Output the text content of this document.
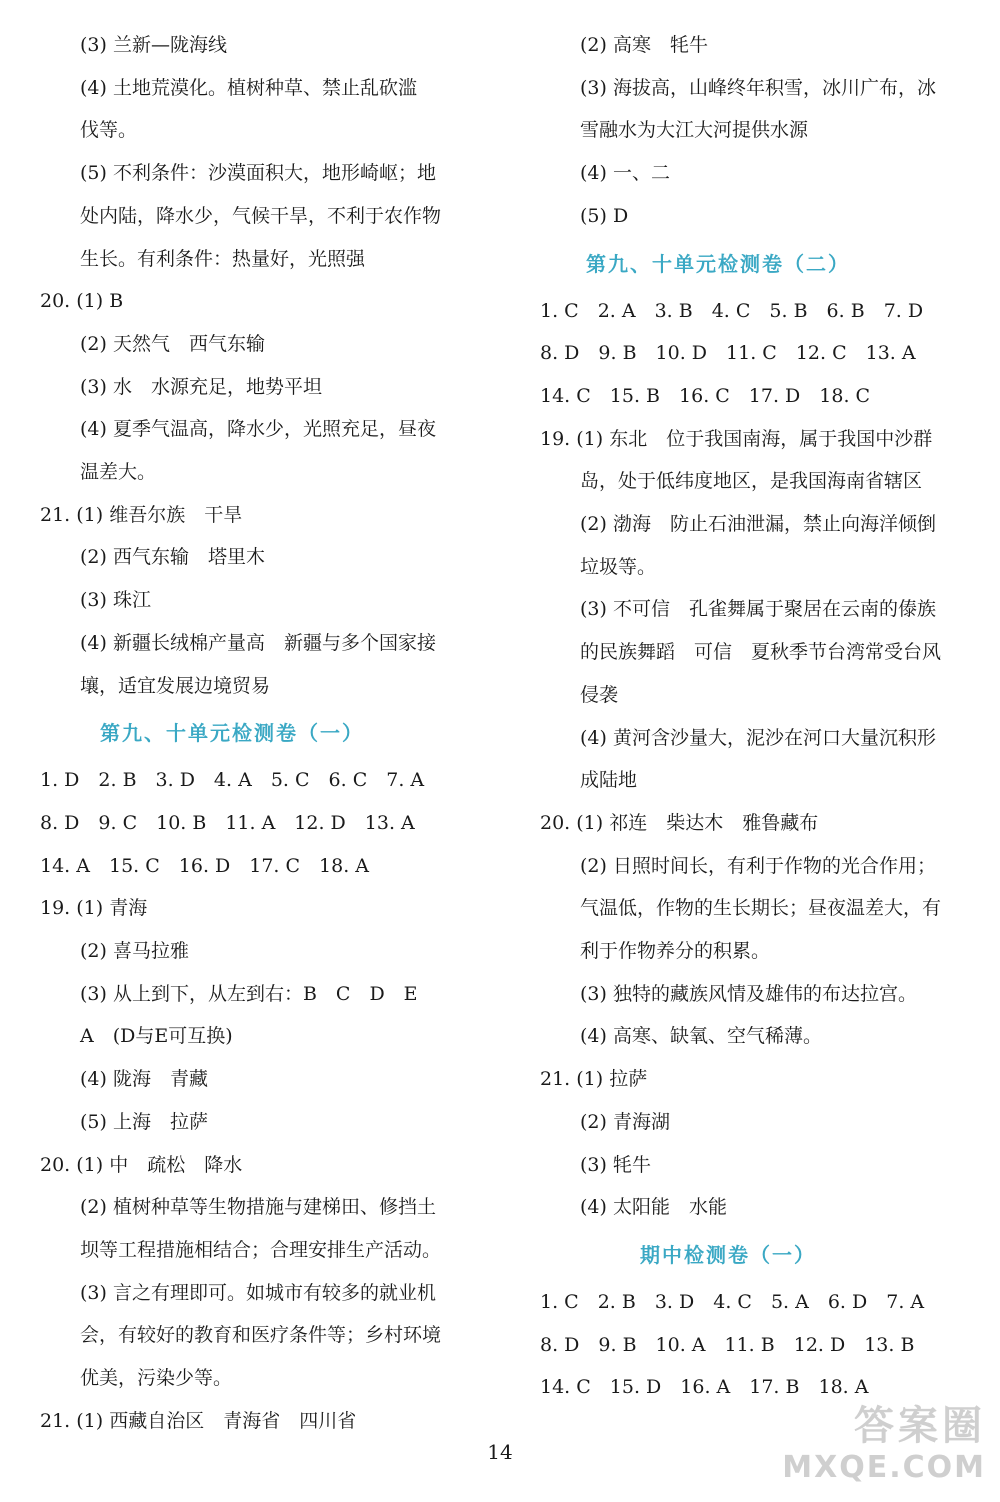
(3) 兰新—陇海线
(4) 土地荒漠化。植树种草、禁止乱砍滥
伐等。
(5) 不利条件：沙漠面积大，地形崎岖；地
处内陆，降水少，气候干旱，不利于农作物
生长。有利条件：热量好，光照强
20. (1) B
(2) 天然气　西气东输
(3) 水　水源充足，地势平坦
(4) 夏季气温高，降水少，光照充足，昼夜
温差大。
21. (1) 维吾尔族　干旱
(2) 西气东输　塔里木
(3) 珠江
(4) 新疆长绒棉产量高　新疆与多个国家接
壤，适宜发展边境贸易
第九、十单元检测卷（一）
1. D　2. B　3. D　4. A　5. C　6. C　7. A
8. D　9. C　10. B　11. A　12. D　13. A
14. A　15. C　16. D　17. C　18. A
19. (1) 青海
(2) 喜马拉雅
(3) 从上到下，从左到右：B　C　D　E
A　(D与E可互换)
(4) 陇海　青藏
(5) 上海　拉萨
20. (1) 中　疏松　降水
(2) 植树种草等生物措施与建梯田、修挡土
坝等工程措施相结合；合理安排生产活动。
(3) 言之有理即可。如城市有较多的就业机
会，有较好的教育和医疗条件等；乡村环境
优美，污染少等。
21. (1) 西藏自治区　青海省　四川省
(2) 高寒　牦牛
(3) 海拔高，山峰终年积雪，冰川广布，冰
雪融水为大江大河提供水源
(4) 一、二
(5) D
第九、十单元检测卷（二）
1. C　2. A　3. B　4. C　5. B　6. B　7. D
8. D　9. B　10. D　11. C　12. C　13. A
14. C　15. B　16. C　17. D　18. C
19. (1) 东北　位于我国南海，属于我国中沙群
岛，处于低纬度地区，是我国海南省辖区
(2) 渤海　防止石油泄漏，禁止向海洋倾倒
垃圾等。
(3) 不可信　孔雀舞属于聚居在云南的傣族
的民族舞蹈　可信　夏秋季节台湾常受台风
侵袭
(4) 黄河含沙量大，泥沙在河口大量沉积形
成陆地
20. (1) 祁连　柴达木　雅鲁藏布
(2) 日照时间长，有利于作物的光合作用；
气温低，作物的生长期长；昼夜温差大，有
利于作物养分的积累。
(3) 独特的藏族风情及雄伟的布达拉宫。
(4) 高寒、缺氧、空气稀薄。
21. (1) 拉萨
(2) 青海湖
(3) 牦牛
(4) 太阳能　水能
期中检测卷（一）
1. C　2. B　3. D　4. C　5. A　6. D　7. A
8. D　9. B　10. A　11. B　12. D　13. B
14. C　15. D　16. A　17. B　18. A
14
答案圈
MXQE.COM
